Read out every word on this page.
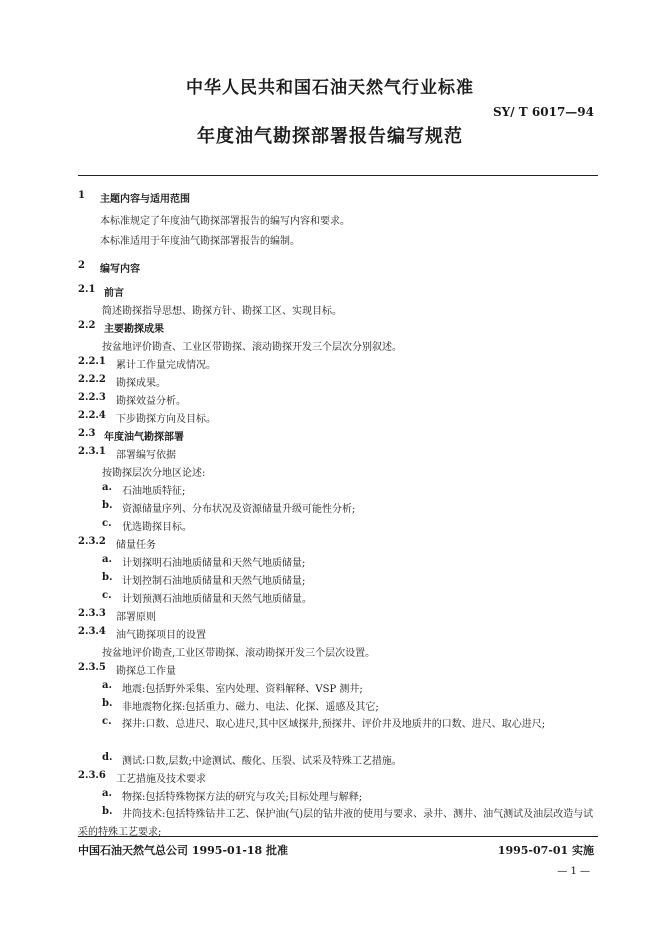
中华人民共和国石油天然气行业标准
SY/ T 6017—94
年度油气勘探部署报告编写规范
1 主题内容与适用范围
本标准规定了年度油气勘探部署报告的编写内容和要求。
本标准适用于年度油气勘探部署报告的编制。
2 编写内容
2.1 前言
简述勘探指导思想、勘探方针、勘探工区、实现目标。
2.2 主要勘探成果
按盆地评价勘查、工业区带勘探、滚动勘探开发三个层次分别叙述。
2.2.1 累计工作量完成情况。
2.2.2 勘探成果。
2.2.3 勘探效益分析。
2.2.4 下步勘探方向及目标。
2.3 年度油气勘探部署
2.3.1 部署编写依据
按勘探层次分地区论述:
a. 石油地质特征;
b. 资源储量序列、分布状况及资源储量升级可能性分析;
c. 优选勘探目标。
2.3.2 储量任务
a. 计划探明石油地质储量和天然气地质储量;
b. 计划控制石油地质储量和天然气地质储量;
c. 计划预测石油地质储量和天然气地质储量。
2.3.3 部署原则
2.3.4 油气勘探项目的设置
按盆地评价勘查,工业区带勘探、滚动勘探开发三个层次设置。
2.3.5 勘探总工作量
a. 地震:包括野外采集、室内处理、资料解释、VSP 测井;
b. 非地震物化探:包括重力、磁力、电法、化探、遥感及其它;
c.	探井:口数、总进尺、取心进尺,其中区域探井,预探井、评价井及地质井的口数、进尺、取心进尺;
d. 测试:口数,层数;中途测试、酸化、压裂、试采及特殊工艺措施。
2.3.6 工艺措施及技术要求
a. 物探:包括特殊物探方法的研究与攻关;目标处理与解释;
b. 井筒技术:包括特殊钻井工艺、保护油(气)层的钻井液的使用与要求、录井、测井、油气测试及油层改造与试采的特殊工艺要求;
中国石油天然气总公司 1995-01-18 批准	1995-07-01 实施
— 1 —
